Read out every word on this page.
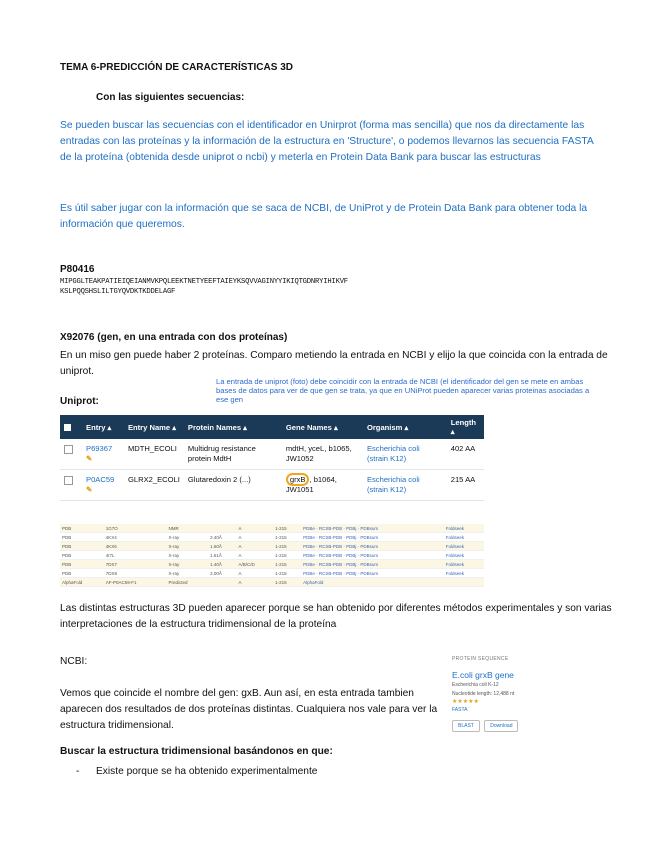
TEMA 6-PREDICCIÓN DE CARACTERÍSTICAS 3D
Con las siguientes secuencias:
Se pueden buscar las secuencias con el identificador en Unirprot (forma mas sencilla) que nos da directamente las entradas con las proteínas y la información de la estructura en 'Structure', o podemos llevarnos las secuencia FASTA de la proteína (obtenida desde uniprot o ncbi) y meterla en Protein Data Bank para buscar las estructuras
Es útil saber jugar con la información que se saca de NCBI, de UniProt y de Protein Data Bank para obtener toda la información que queremos.
P80416
MIPGGLTEAKPATIEIQEIANMVKPQLEEKTNETYEEFTAIEYKSQVVAGINYYIKIQTGDNRYIHIKVF
KSLPQQSHSLILTGYQVDKTKDDELAGF
X92076 (gen, en una entrada con dos proteínas)
En un miso gen puede haber 2 proteínas. Comparo metiendo la entrada en NCBI y elijo la que coincida con la entrada de uniprot.
La entrada de uniprot (foto) debe coincidir con la entrada de NCBI (el identificador del gen se mete en ambas bases de datos para ver de que gen se trata, ya que en UNiProt pueden aparecer varias proteinas asociadas a ese gen
Uniprot:
	Entry ▴	Entry Name ▴	Protein Names ▴	Gene Names ▴	Organism ▴	Length ▴
	P69367 ✎	MDTH_ECOLI	Multidrug resistance protein MdtH	mdtH, yceL, b1065, JW1052	Escherichia coli (strain K12)	402 AA
	P0AC59 ✎	GLRX2_ECOLI	Glutaredoxin 2 (...)	grxB , b1064, JW1051	Escherichia coli (strain K12)	215 AA
PDB	1G7O	NMR		A	1-215	PDBe · RCSB-PDB · PDBj · PDBsum	Foldseek
PDB	4KX4	X-ray	2.40Å	A	1-215	PDBe · RCSB-PDB · PDBj · PDBsum	Foldseek
PDB	4KX6	X-ray	1.60Å	A	1-215	PDBe · RCSB-PDB · PDBj · PDBsum	Foldseek
PDB	4I7L	X-ray	1.61Å	A	1-215	PDBe · RCSB-PDB · PDBj · PDBsum	Foldseek
PDB	7DX7	X-ray	1.40Å	A/B/C/D	1-215	PDBe · RCSB-PDB · PDBj · PDBsum	Foldseek
PDB	7DX8	X-ray	2.00Å	A	1-215	PDBe · RCSB-PDB · PDBj · PDBsum	Foldseek
AlphaFold	AF-P0AC59-F1	Predicted		A	1-215	AlphaFold	
Las distintas estructuras 3D pueden aparecer porque se han obtenido por diferentes métodos experimentales y son varias interpretaciones de la estructura tridimensional de la proteína
NCBI:
Vemos que coincide el nombre del gen: gxB. Aun así, en esta entrada tambien aparecen dos resultados de dos proteínas distintas. Cualquiera nos vale para ver la estructura tridimensional.
PROTEIN SEQUENCE
E.coli grxB gene
Escherichia coli K-12
Nucleotide length: 12,488 nt
★★★★★
FASTA
BLAST	Download
Buscar la estructura tridimensional basándonos en que:
- Existe porque se ha obtenido experimentalmente
